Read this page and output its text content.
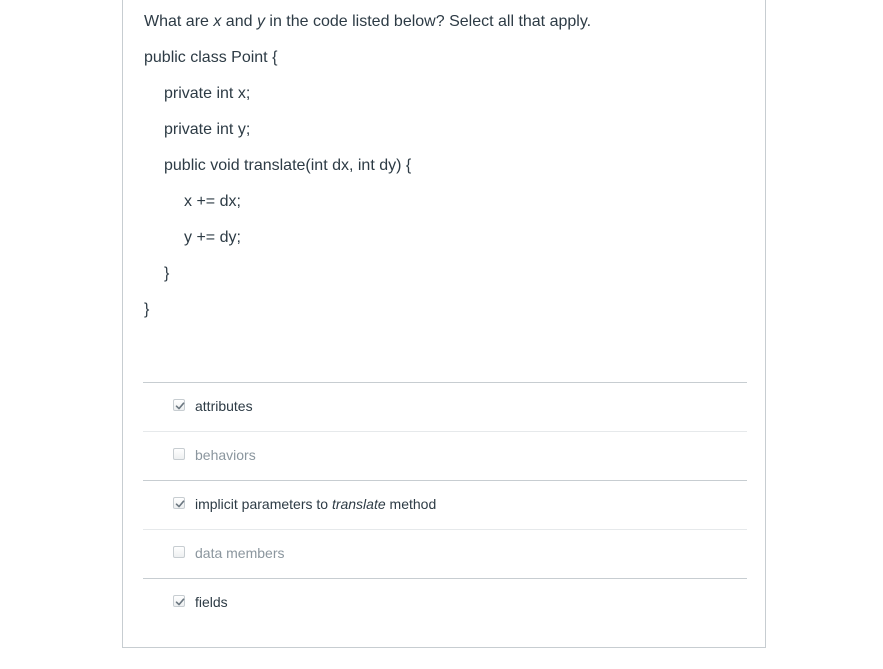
What are x and y in the code listed below? Select all that apply.
public class Point {
private int x;
private int y;
public void translate(int dx, int dy) {
x += dx;
y += dy;
}
}
attributes
behaviors
implicit parameters to translate method
data members
fields
